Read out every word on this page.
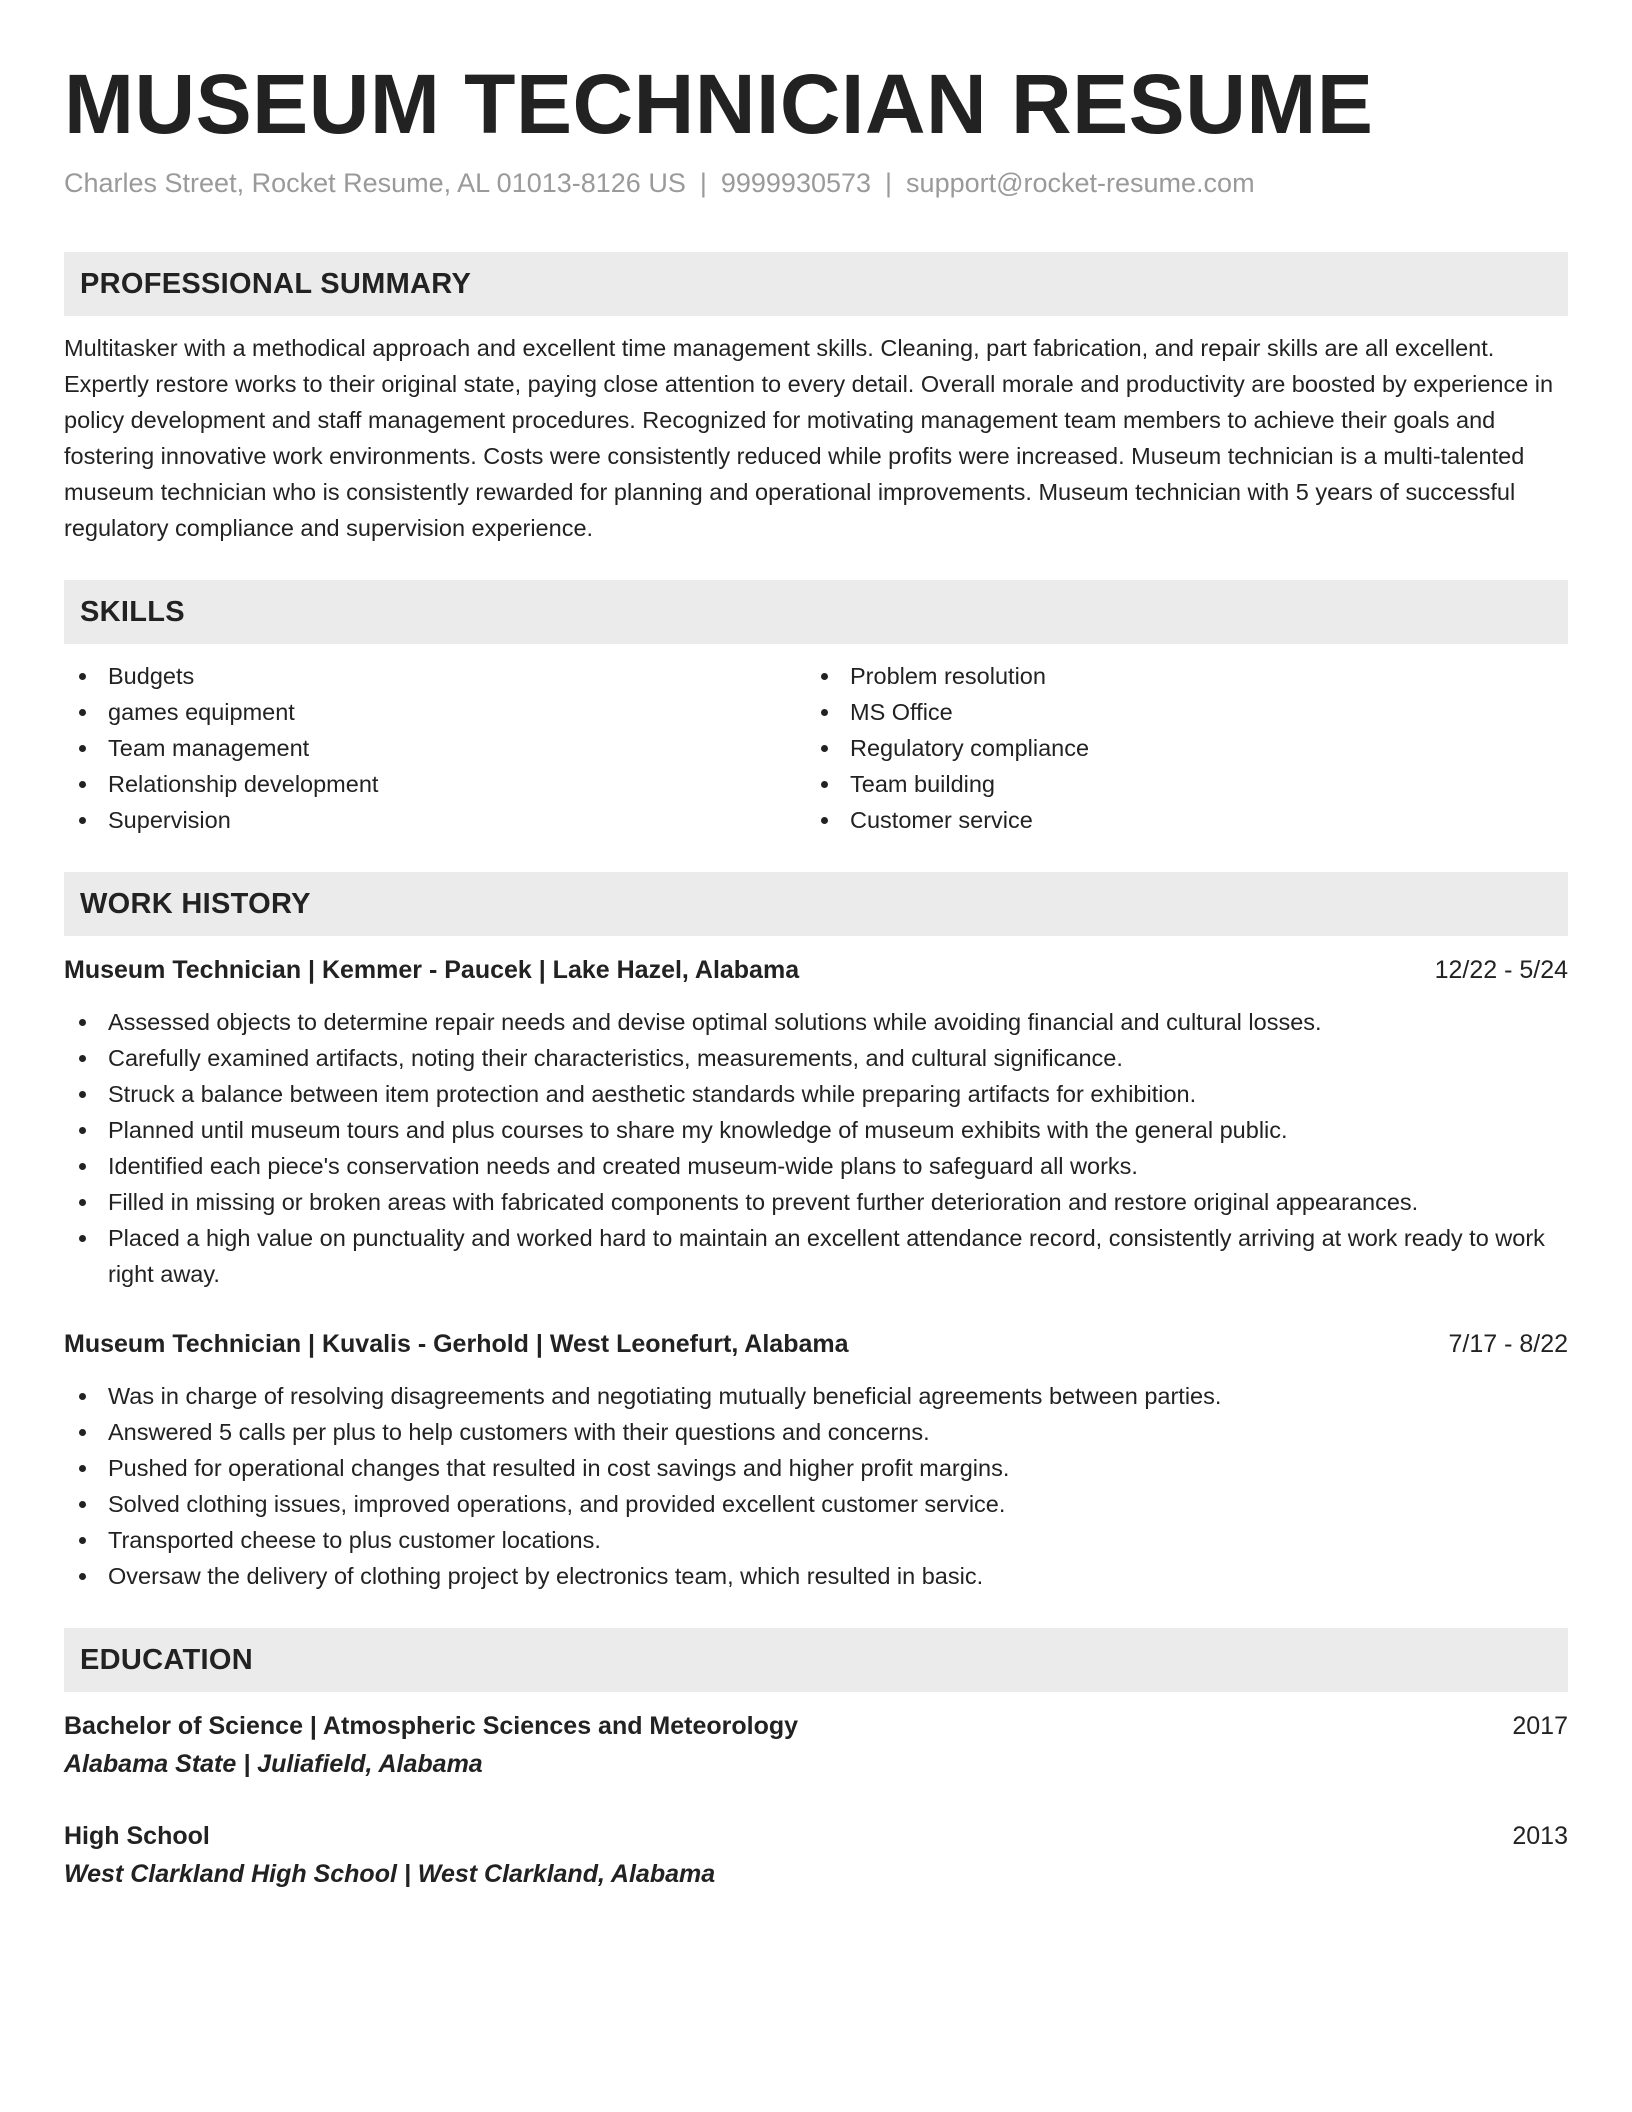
MUSEUM TECHNICIAN RESUME
Charles Street, Rocket Resume, AL 01013-8126 US | 9999930573 | support@rocket-resume.com
PROFESSIONAL SUMMARY
Multitasker with a methodical approach and excellent time management skills. Cleaning, part fabrication, and repair skills are all excellent. Expertly restore works to their original state, paying close attention to every detail. Overall morale and productivity are boosted by experience in policy development and staff management procedures. Recognized for motivating management team members to achieve their goals and fostering innovative work environments. Costs were consistently reduced while profits were increased. Museum technician is a multi-talented museum technician who is consistently rewarded for planning and operational improvements. Museum technician with 5 years of successful regulatory compliance and supervision experience.
SKILLS
Budgets
games equipment
Team management
Relationship development
Supervision
Problem resolution
MS Office
Regulatory compliance
Team building
Customer service
WORK HISTORY
Museum Technician | Kemmer - Paucek | Lake Hazel, Alabama	12/22 - 5/24
Assessed objects to determine repair needs and devise optimal solutions while avoiding financial and cultural losses.
Carefully examined artifacts, noting their characteristics, measurements, and cultural significance.
Struck a balance between item protection and aesthetic standards while preparing artifacts for exhibition.
Planned until museum tours and plus courses to share my knowledge of museum exhibits with the general public.
Identified each piece's conservation needs and created museum-wide plans to safeguard all works.
Filled in missing or broken areas with fabricated components to prevent further deterioration and restore original appearances.
Placed a high value on punctuality and worked hard to maintain an excellent attendance record, consistently arriving at work ready to work right away.
Museum Technician | Kuvalis - Gerhold | West Leonefurt, Alabama	7/17 - 8/22
Was in charge of resolving disagreements and negotiating mutually beneficial agreements between parties.
Answered 5 calls per plus to help customers with their questions and concerns.
Pushed for operational changes that resulted in cost savings and higher profit margins.
Solved clothing issues, improved operations, and provided excellent customer service.
Transported cheese to plus customer locations.
Oversaw the delivery of clothing project by electronics team, which resulted in basic.
EDUCATION
Bachelor of Science | Atmospheric Sciences and Meteorology	2017
Alabama State | Juliafield, Alabama
High School	2013
West Clarkland High School | West Clarkland, Alabama
